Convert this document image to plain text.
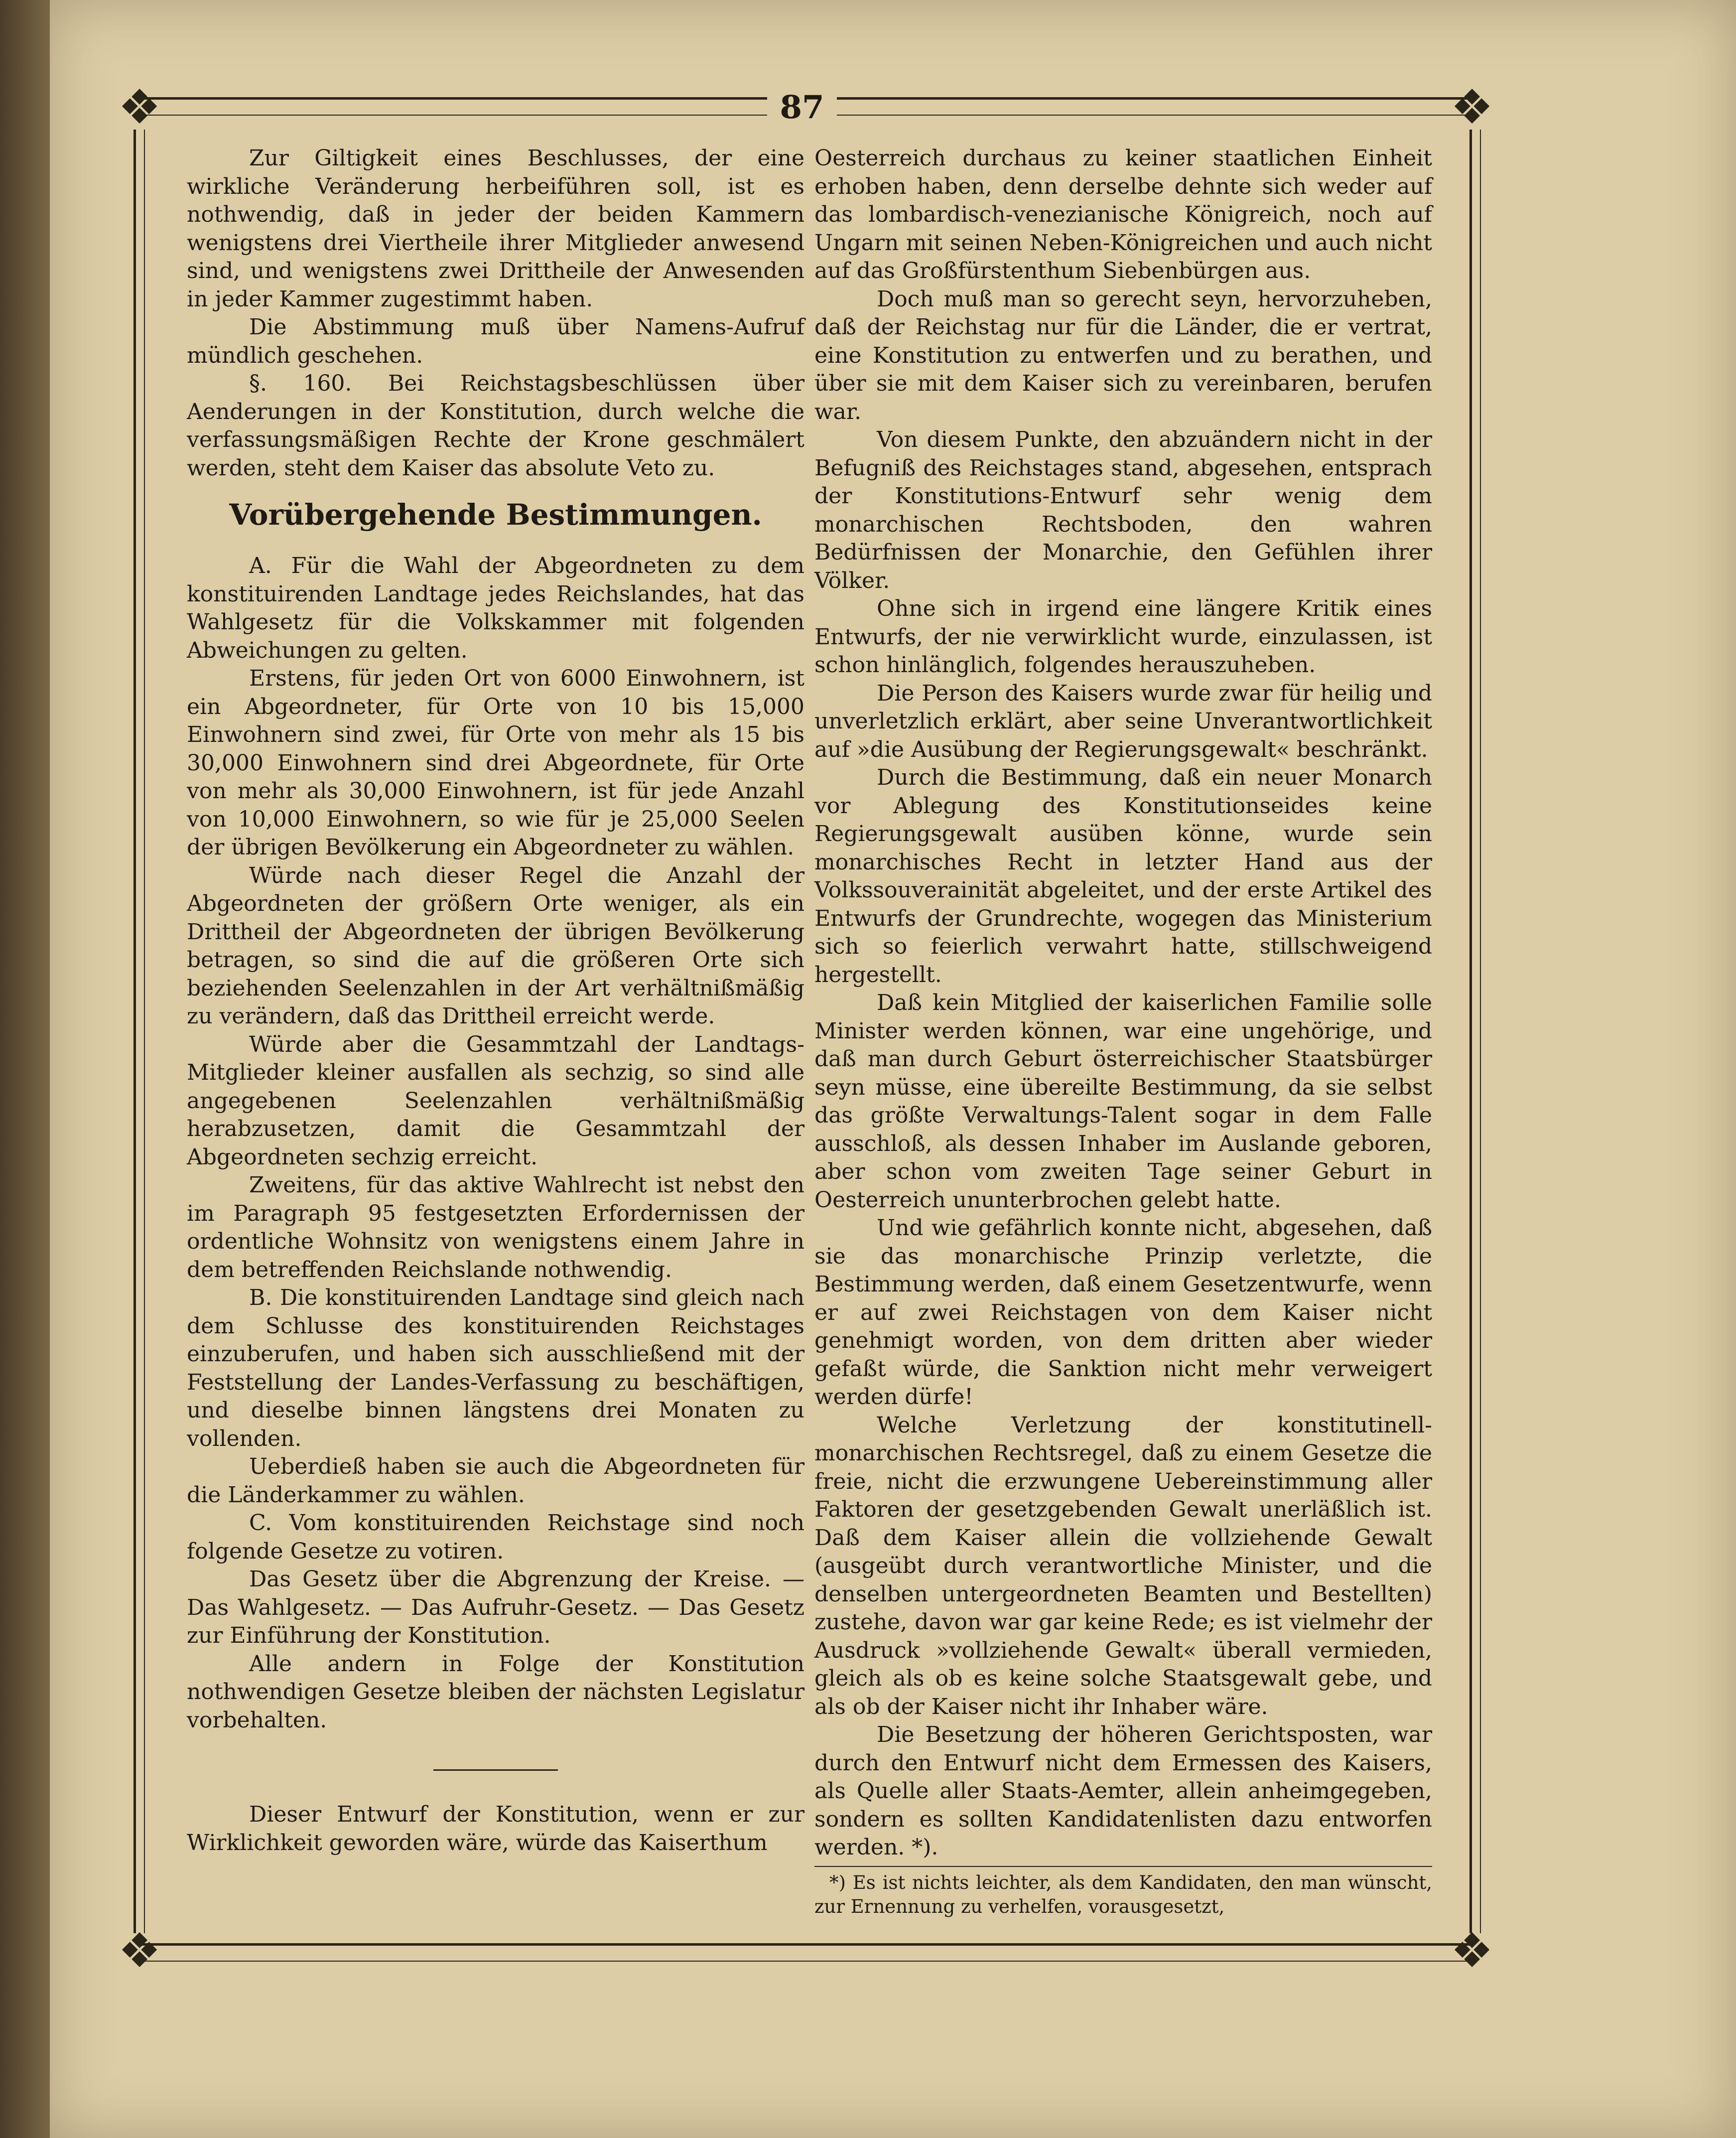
❖	❖
❖	❖
87

Zur Giltigkeit eines Beschlusses, der eine wirkliche Veränderung herbeiführen soll, ist es nothwendig, daß in jeder der beiden Kammern wenigstens drei Viertheile ihrer Mitglieder anwesend sind, und wenigstens zwei Drittheile der Anwesenden in jeder Kammer zugestimmt haben.

Die Abstimmung muß über Namens-Aufruf mündlich geschehen.

§. 160. Bei Reichstagsbeschlüssen über Aenderungen in der Konstitution, durch welche die verfassungsmäßigen Rechte der Krone geschmälert werden, steht dem Kaiser das absolute Veto zu.

Vorübergehende Bestimmungen.

A. Für die Wahl der Abgeordneten zu dem konstituirenden Landtage jedes Reichslandes, hat das Wahlgesetz für die Volkskammer mit folgenden Abweichungen zu gelten.

Erstens, für jeden Ort von 6000 Einwohnern, ist ein Abgeordneter, für Orte von 10 bis 15,000 Einwohnern sind zwei, für Orte von mehr als 15 bis 30,000 Einwohnern sind drei Abgeordnete, für Orte von mehr als 30,000 Einwohnern, ist für jede Anzahl von 10,000 Einwohnern, so wie für je 25,000 Seelen der übrigen Bevölkerung ein Abgeordneter zu wählen.

Würde nach dieser Regel die Anzahl der Abgeordneten der größern Orte weniger, als ein Drittheil der Abgeordneten der übrigen Bevölkerung betragen, so sind die auf die größeren Orte sich beziehenden Seelenzahlen in der Art verhältnißmäßig zu verändern, daß das Drittheil erreicht werde.

Würde aber die Gesammtzahl der Landtags-Mitglieder kleiner ausfallen als sechzig, so sind alle angegebenen Seelenzahlen verhältnißmäßig herabzusetzen, damit die Gesammtzahl der Abgeordneten sechzig erreicht.

Zweitens, für das aktive Wahlrecht ist nebst den im Paragraph 95 festgesetzten Erfordernissen der ordentliche Wohnsitz von wenigstens einem Jahre in dem betreffenden Reichslande nothwendig.

B. Die konstituirenden Landtage sind gleich nach dem Schlusse des konstituirenden Reichstages einzuberufen, und haben sich ausschließend mit der Feststellung der Landes-Verfassung zu beschäftigen, und dieselbe binnen längstens drei Monaten zu vollenden.

Ueberdieß haben sie auch die Abgeordneten für die Länderkammer zu wählen.

C. Vom konstituirenden Reichstage sind noch folgende Gesetze zu votiren.

Das Gesetz über die Abgrenzung der Kreise. — Das Wahlgesetz. — Das Aufruhr-Gesetz. — Das Gesetz zur Einführung der Konstitution.

Alle andern in Folge der Konstitution nothwendigen Gesetze bleiben der nächsten Legislatur vorbehalten.

Dieser Entwurf der Konstitution, wenn er zur Wirklichkeit geworden wäre, würde das Kaiserthum

Oesterreich durchaus zu keiner staatlichen Einheit erhoben haben, denn derselbe dehnte sich weder auf das lombardisch-venezianische Königreich, noch auf Ungarn mit seinen Neben-Königreichen und auch nicht auf das Großfürstenthum Siebenbürgen aus.

Doch muß man so gerecht seyn, hervorzuheben, daß der Reichstag nur für die Länder, die er vertrat, eine Konstitution zu entwerfen und zu berathen, und über sie mit dem Kaiser sich zu vereinbaren, berufen war.

Von diesem Punkte, den abzuändern nicht in der Befugniß des Reichstages stand, abgesehen, entsprach der Konstitutions-Entwurf sehr wenig dem monarchischen Rechtsboden, den wahren Bedürfnissen der Monarchie, den Gefühlen ihrer Völker.

Ohne sich in irgend eine längere Kritik eines Entwurfs, der nie verwirklicht wurde, einzulassen, ist schon hinlänglich, folgendes herauszuheben.

Die Person des Kaisers wurde zwar für heilig und unverletzlich erklärt, aber seine Unverantwortlichkeit auf »die Ausübung der Regierungsgewalt« beschränkt.

Durch die Bestimmung, daß ein neuer Monarch vor Ablegung des Konstitutionseides keine Regierungsgewalt ausüben könne, wurde sein monarchisches Recht in letzter Hand aus der Volkssouverainität abgeleitet, und der erste Artikel des Entwurfs der Grundrechte, wogegen das Ministerium sich so feierlich verwahrt hatte, stillschweigend hergestellt.

Daß kein Mitglied der kaiserlichen Familie solle Minister werden können, war eine ungehörige, und daß man durch Geburt österreichischer Staatsbürger seyn müsse, eine übereilte Bestimmung, da sie selbst das größte Verwaltungs-Talent sogar in dem Falle ausschloß, als dessen Inhaber im Auslande geboren, aber schon vom zweiten Tage seiner Geburt in Oesterreich ununterbrochen gelebt hatte.

Und wie gefährlich konnte nicht, abgesehen, daß sie das monarchische Prinzip verletzte, die Bestimmung werden, daß einem Gesetzentwurfe, wenn er auf zwei Reichstagen von dem Kaiser nicht genehmigt worden, von dem dritten aber wieder gefaßt würde, die Sanktion nicht mehr verweigert werden dürfe!

Welche Verletzung der konstitutinell-monarchischen Rechtsregel, daß zu einem Gesetze die freie, nicht die erzwungene Uebereinstimmung aller Faktoren der gesetzgebenden Gewalt unerläßlich ist. Daß dem Kaiser allein die vollziehende Gewalt (ausgeübt durch verantwortliche Minister, und die denselben untergeordneten Beamten und Bestellten) zustehe, davon war gar keine Rede; es ist vielmehr der Ausdruck »vollziehende Gewalt« überall vermieden, gleich als ob es keine solche Staatsgewalt gebe, und als ob der Kaiser nicht ihr Inhaber wäre.

Die Besetzung der höheren Gerichtsposten, war durch den Entwurf nicht dem Ermessen des Kaisers, als Quelle aller Staats-Aemter, allein anheimgegeben, sondern es sollten Kandidatenlisten dazu entworfen werden. *).

*) Es ist nichts leichter, als dem Kandidaten, den man wünscht, zur Ernennung zu verhelfen, vorausgesetzt,
